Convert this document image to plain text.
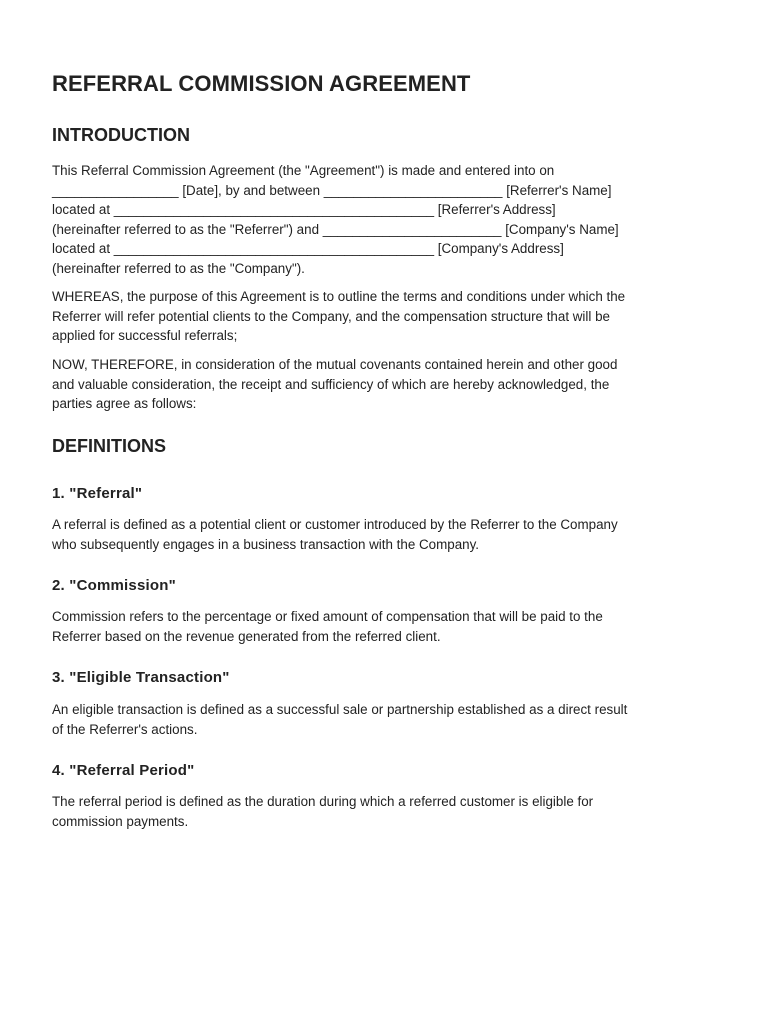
REFERRAL COMMISSION AGREEMENT
INTRODUCTION
This Referral Commission Agreement (the "Agreement") is made and entered into on
_________________ [Date], by and between ________________________ [Referrer's Name]
located at ___________________________________________ [Referrer's Address]
(hereinafter referred to as the "Referrer") and ________________________ [Company's Name]
located at ___________________________________________ [Company's Address]
(hereinafter referred to as the "Company").
WHEREAS, the purpose of this Agreement is to outline the terms and conditions under which the
Referrer will refer potential clients to the Company, and the compensation structure that will be
applied for successful referrals;
NOW, THEREFORE, in consideration of the mutual covenants contained herein and other good
and valuable consideration, the receipt and sufficiency of which are hereby acknowledged, the
parties agree as follows:
DEFINITIONS
1. "Referral"
A referral is defined as a potential client or customer introduced by the Referrer to the Company
who subsequently engages in a business transaction with the Company.
2. "Commission"
Commission refers to the percentage or fixed amount of compensation that will be paid to the
Referrer based on the revenue generated from the referred client.
3. "Eligible Transaction"
An eligible transaction is defined as a successful sale or partnership established as a direct result
of the Referrer's actions.
4. "Referral Period"
The referral period is defined as the duration during which a referred customer is eligible for
commission payments.
